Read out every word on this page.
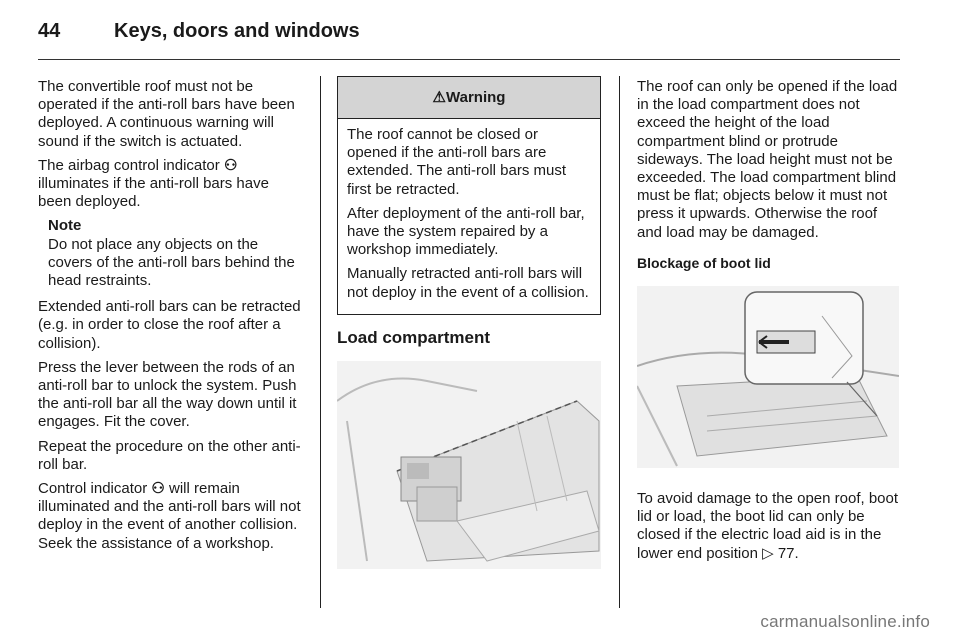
44	Keys, doors and windows

The convertible roof must not be operated if the anti-roll bars have been deployed. A continuous warning will sound if the switch is actuated.

The airbag control indicator ⚇ illuminates if the anti-roll bars have been deployed.

Note
Do not place any objects on the covers of the anti-roll bars behind the head restraints.

Extended anti-roll bars can be retracted (e.g. in order to close the roof after a collision).

Press the lever between the rods of an anti-roll bar to unlock the system. Push the anti-roll bar all the way down until it engages. Fit the cover.

Repeat the procedure on the other anti-roll bar.

Control indicator ⚇ will remain illuminated and the anti-roll bars will not deploy in the event of another collision. Seek the assistance of a workshop.

⚠Warning

The roof cannot be closed or opened if the anti-roll bars are extended. The anti-roll bars must first be retracted.

After deployment of the anti-roll bar, have the system repaired by a workshop immediately.

Manually retracted anti-roll bars will not deploy in the event of a collision.

Load compartment

The roof can only be opened if the load in the load compartment does not exceed the height of the load compartment blind or protrude sideways. The load height must not be exceeded. The load compartment blind must be flat; objects below it must not press it upwards. Otherwise the roof and load may be damaged.

Blockage of boot lid

To avoid damage to the open roof, boot lid or load, the boot lid can only be closed if the electric load aid is in the lower end position ▷ 77.

carmanualsonline.info
